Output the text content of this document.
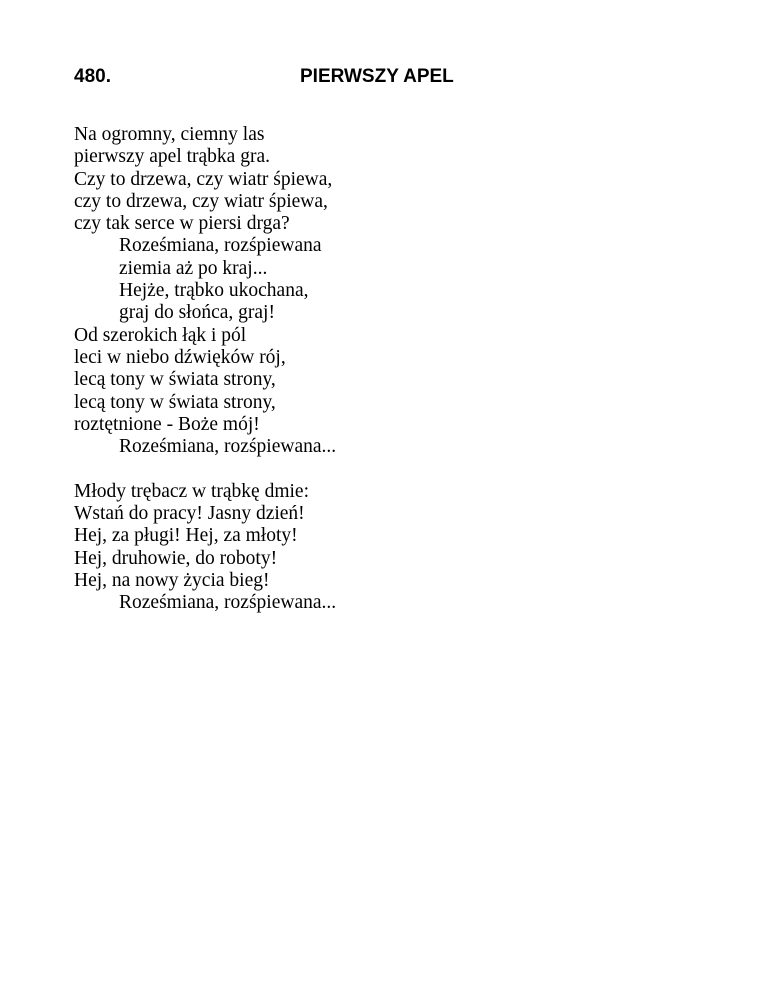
480.	PIERWSZY APEL
Na ogromny, ciemny las
pierwszy apel trąbka gra.
Czy to drzewa, czy wiatr śpiewa,
czy to drzewa, czy wiatr śpiewa,
czy tak serce w piersi drga?
Roześmiana, rozśpiewana
ziemia aż po kraj...
Hejże, trąbko ukochana,
graj do słońca, graj!
Od szerokich łąk i pól
leci w niebo dźwięków rój,
lecą tony w świata strony,
lecą tony w świata strony,
roztętnione - Boże mój!
Roześmiana, rozśpiewana...
Młody trębacz w trąbkę dmie:
Wstań do pracy! Jasny dzień!
Hej, za pługi! Hej, za młoty!
Hej, druhowie, do roboty!
Hej, na nowy życia bieg!
Roześmiana, rozśpiewana...
